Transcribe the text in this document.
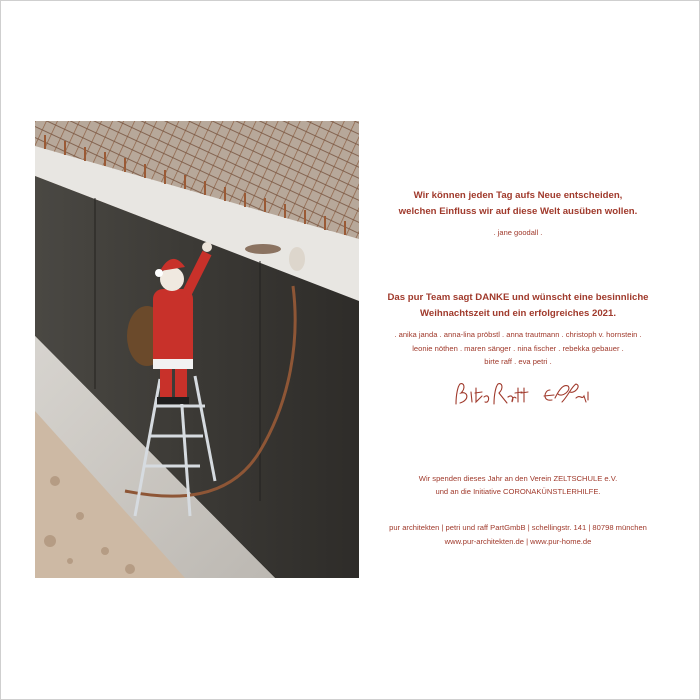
Wir können jeden Tag aufs Neue entscheiden,
welchen Einfluss wir auf diese Welt ausüben wollen.
. jane goodall .
Das pur Team sagt DANKE und wünscht eine besinnliche
Weihnachtszeit und ein erfolgreiches 2021.
. anika janda . anna-lina pröbstl . anna trautmann . christoph v. hornstein .
leonie nöthen . maren sänger . nina fischer . rebekka gebauer .
birte raff . eva petri .
Wir spenden dieses Jahr an den Verein ZELTSCHULE e.V.
und an die Initiative CORONAKÜNSTLERHILFE.
pur architekten | petri und raff PartGmbB | schellingstr. 141 | 80798 münchen
www.pur-architekten.de | www.pur-home.de
